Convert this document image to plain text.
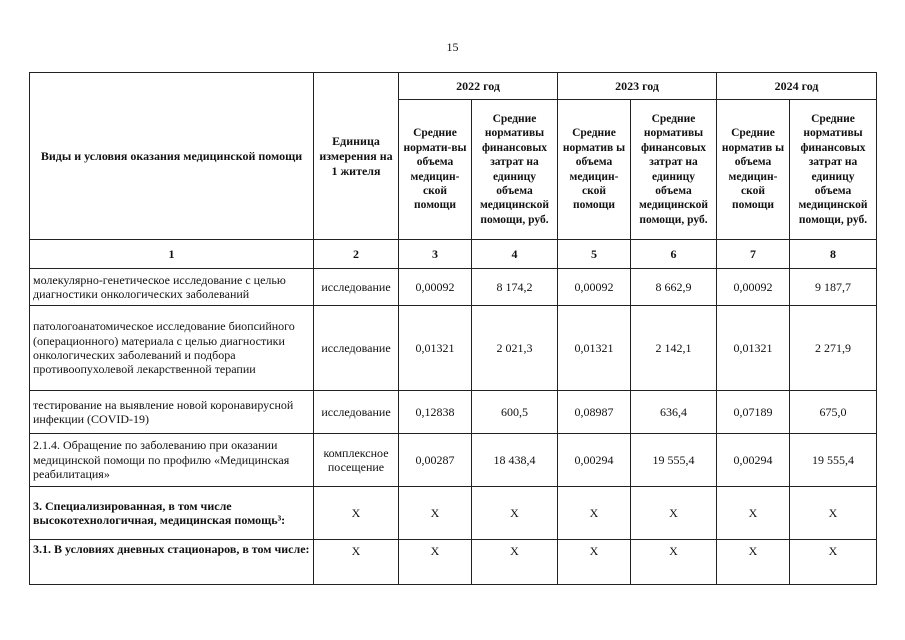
15
Виды и условия оказания медицинской помощи	Единица измерения на 1 жителя	2022 год		2023 год		2024 год	
		Средние нормати-вы объема медицин-ской помощи	Средние нормативы финансовых затрат на единицу объема медицинской помощи, руб.	Средние норматив ы объема медицин-ской помощи	Средние нормативы финансовых затрат на единицу объема медицинской помощи, руб.	Средние норматив ы объема медицин-ской помощи	Средние нормативы финансовых затрат на единицу объема медицинской помощи, руб.
1	2	3	4	5	6	7	8
молекулярно-генетическое исследование с целью диагностики онкологических заболеваний	исследование	0,00092	8 174,2	0,00092	8 662,9	0,00092	9 187,7
патологоанатомическое исследование биопсийного (операционного) материала с целью диагностики онкологических заболеваний и подбора противоопухолевой лекарственной терапии	исследование	0,01321	2 021,3	0,01321	2 142,1	0,01321	2 271,9
тестирование на выявление новой коронавирусной инфекции (COVID-19)	исследование	0,12838	600,5	0,08987	636,4	0,07189	675,0
2.1.4. Обращение по заболеванию при оказании медицинской помощи по профилю «Медицинская реабилитация»	комплексное посещение	0,00287	18 438,4	0,00294	19 555,4	0,00294	19 555,4
3. Специализированная, в том числе высокотехнологичная, медицинская помощь³:	X	X	X	X	X	X	X
3.1. В условиях дневных стационаров, в том числе:	X	X	X	X	X	X	X
